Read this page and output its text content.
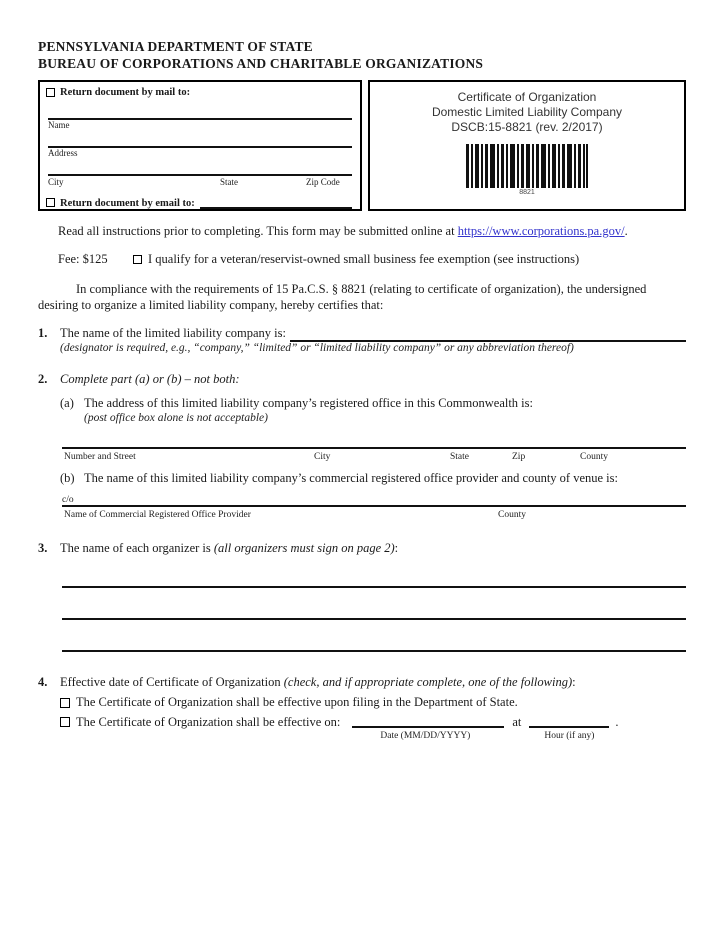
PENNSYLVANIA DEPARTMENT OF STATE
BUREAU OF CORPORATIONS AND CHARITABLE ORGANIZATIONS
Return document by mail to:
Name
Address
City	State	Zip Code
Return document by email to:
Certificate of Organization
Domestic Limited Liability Company
DSCB:15-8821 (rev. 2/2017)
8821
Read all instructions prior to completing. This form may be submitted online at https://www.corporations.pa.gov/.
Fee: $125	I qualify for a veteran/reservist-owned small business fee exemption (see instructions)
In compliance with the requirements of 15 Pa.C.S. § 8821 (relating to certificate of organization), the undersigned desiring to organize a limited liability company, hereby certifies that:
1.	The name of the limited liability company is:
(designator is required, e.g., “company,” “limited” or “limited liability company” or any abbreviation thereof)
2.	Complete part (a) or (b) – not both:
(a) The address of this limited liability company’s registered office in this Commonwealth is:
(post office box alone is not acceptable)
Number and Street	City	State	Zip	County
(b) The name of this limited liability company’s commercial registered office provider and county of venue is:
c/o
Name of Commercial Registered Office Provider	County
3.	The name of each organizer is (all organizers must sign on page 2):
4.	Effective date of Certificate of Organization (check, and if appropriate complete, one of the following):
The Certificate of Organization shall be effective upon filing in the Department of State.
The Certificate of Organization shall be effective on:
Date (MM/DD/YYYY)
at
Hour (if any)
.
